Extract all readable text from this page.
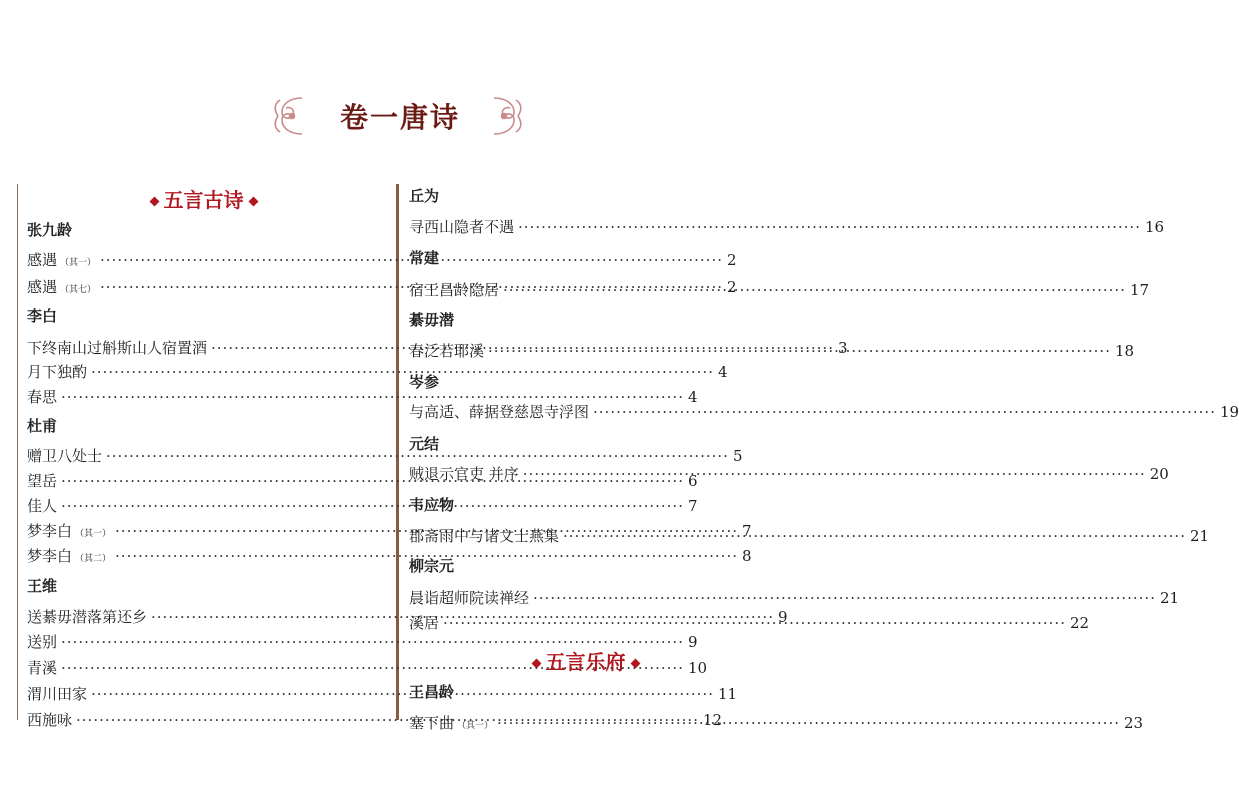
卷一唐诗
五言古诗
张九龄
感遇 （其一） ·····	2
感遇 （其七） ·····	2
李白
下终南山过斛斯山人宿置酒 ·····	3
月下独酌 ·····	4
春思 ·····	4
杜甫
赠卫八处士 ·····	5
望岳 ·····	6
佳人 ·····	7
梦李白 （其一） ·····	7
梦李白 （其二） ·····	8
王维
送綦毋潜落第还乡 ·····	9
送别 ·····	9
青溪 ·····	10
渭川田家 ·····	11
西施咏 ·····	12
丘为
寻西山隐者不遇 ·····	16
常建
宿王昌龄隐居 ·····	17
綦毋潜
春泛若耶溪 ·····	18
岑参
与高适、薛据登慈恩寺浮图 ·····	19
元结
贼退示官吏 并序 ·····	20
韦应物
郡斋雨中与诸文士燕集 ·····	21
柳宗元
晨诣超师院读禅经 ·····	21
溪居 ·····	22
五言乐府
王昌龄
塞下曲 （其一） ·····	23
